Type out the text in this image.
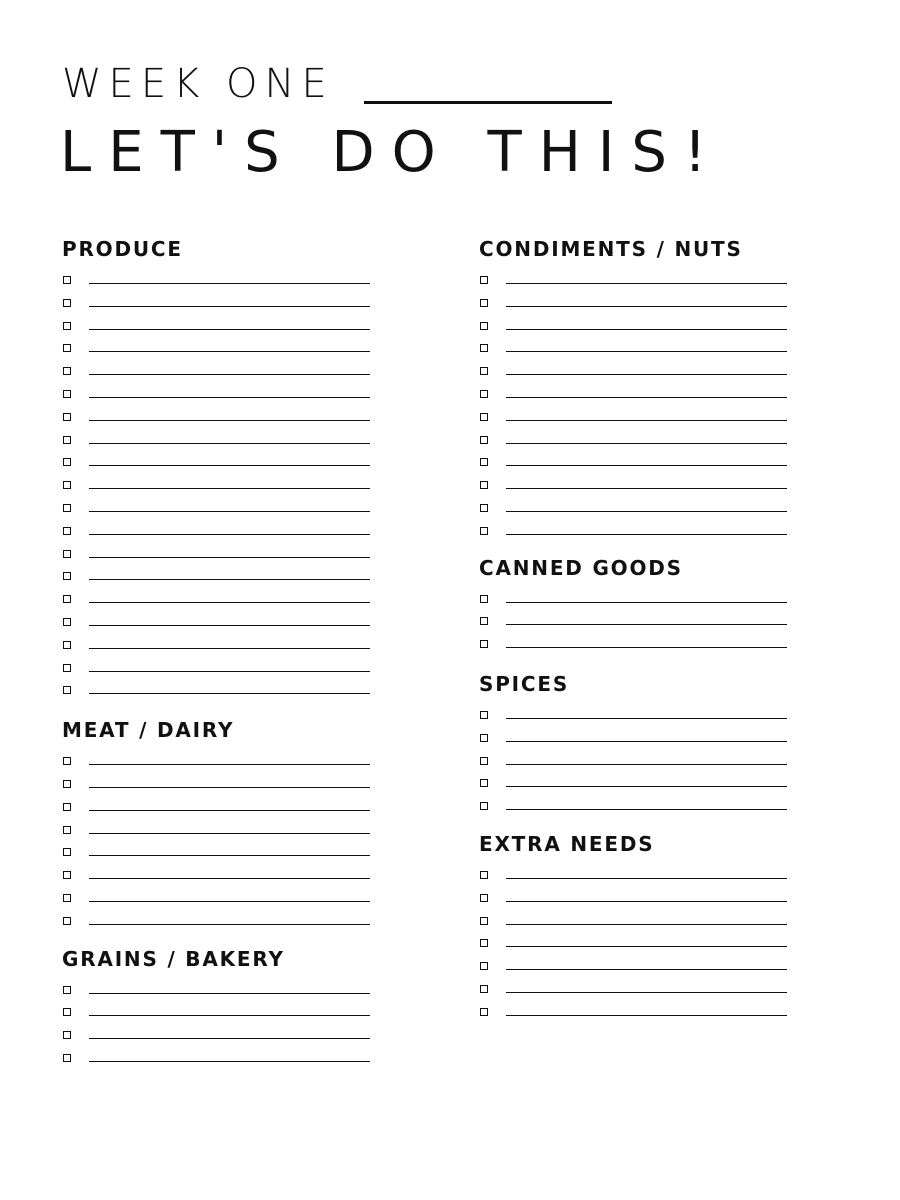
WEEK ONE
LET'S DO THIS!
PRODUCE
MEAT / DAIRY
GRAINS / BAKERY
CONDIMENTS / NUTS
CANNED GOODS
SPICES
EXTRA NEEDS
